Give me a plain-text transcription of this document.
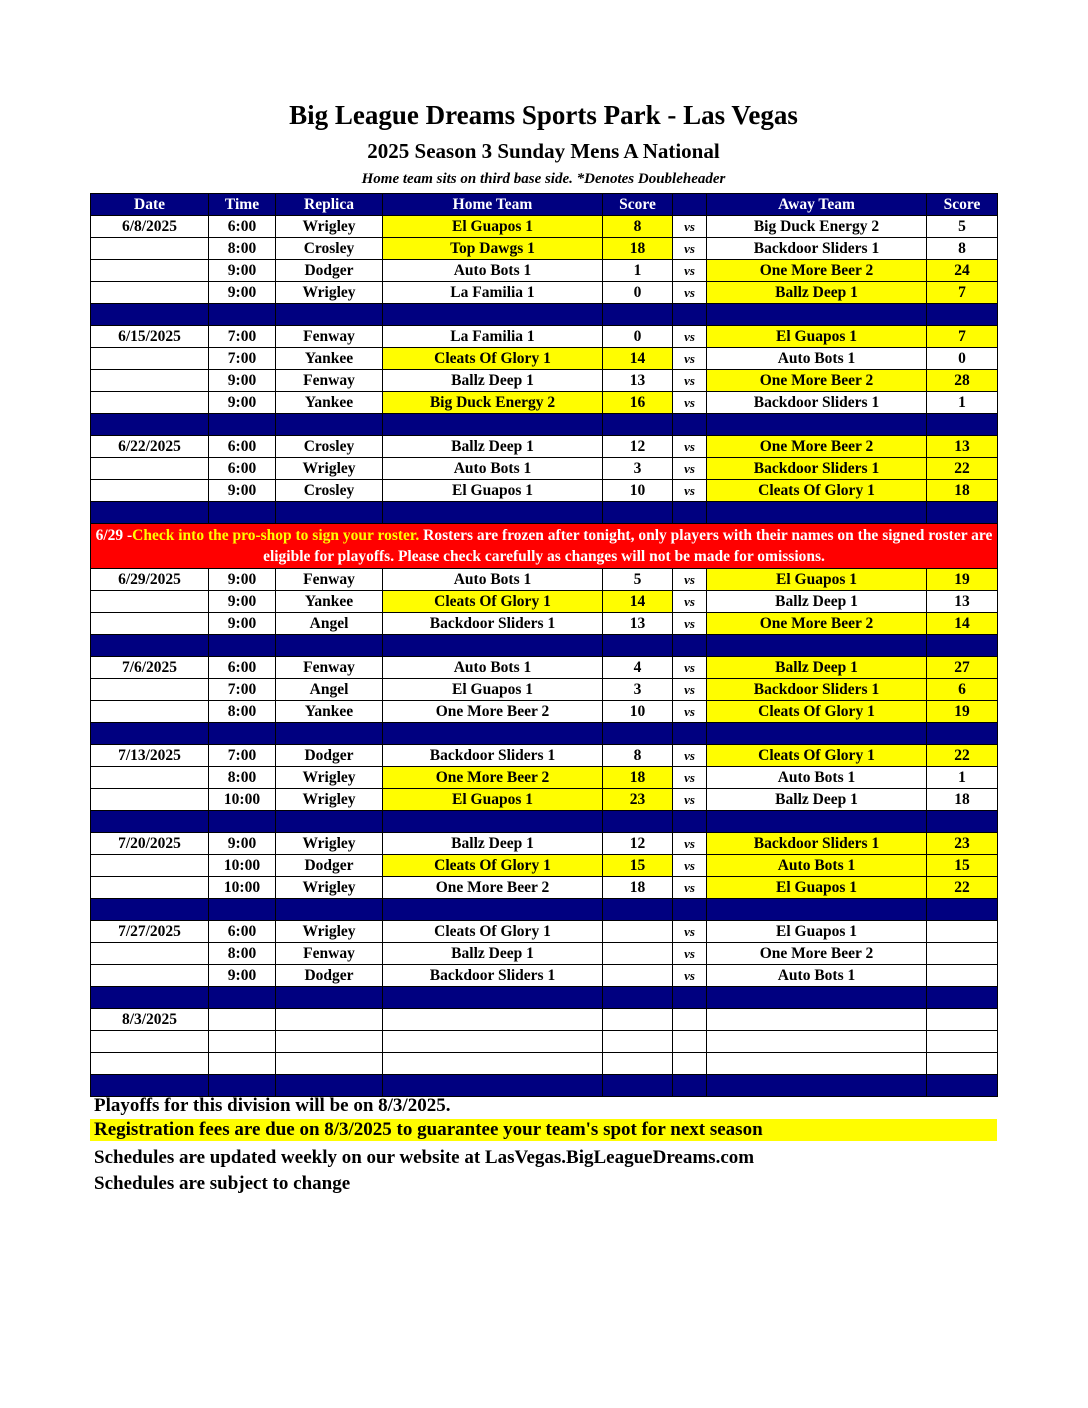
Big League Dreams Sports Park - Las Vegas
2025 Season 3 Sunday Mens A National
Home team sits on third base side. *Denotes Doubleheader
Date	Time	Replica	Home Team	Score		Away Team	Score
6/8/2025	6:00	Wrigley	El Guapos 1	8	vs	Big Duck Energy 2	5
	8:00	Crosley	Top Dawgs 1	18	vs	Backdoor Sliders 1	8
	9:00	Dodger	Auto Bots 1	1	vs	One More Beer 2	24
	9:00	Wrigley	La Familia 1	0	vs	Ballz Deep 1	7

6/15/2025	7:00	Fenway	La Familia 1	0	vs	El Guapos 1	7
	7:00	Yankee	Cleats Of Glory 1	14	vs	Auto Bots 1	0
	9:00	Fenway	Ballz Deep 1	13	vs	One More Beer 2	28
	9:00	Yankee	Big Duck Energy 2	16	vs	Backdoor Sliders 1	1

6/22/2025	6:00	Crosley	Ballz Deep 1	12	vs	One More Beer 2	13
	6:00	Wrigley	Auto Bots 1	3	vs	Backdoor Sliders 1	22
	9:00	Crosley	El Guapos 1	10	vs	Cleats Of Glory 1	18

6/29 -Check into the pro-shop to sign your roster. Rosters are frozen after tonight, only players with their names on the signed roster are eligible for playoffs. Please check carefully as changes will not be made for omissions.							
6/29/2025	9:00	Fenway	Auto Bots 1	5	vs	El Guapos 1	19
	9:00	Yankee	Cleats Of Glory 1	14	vs	Ballz Deep 1	13
	9:00	Angel	Backdoor Sliders 1	13	vs	One More Beer 2	14

7/6/2025	6:00	Fenway	Auto Bots 1	4	vs	Ballz Deep 1	27
	7:00	Angel	El Guapos 1	3	vs	Backdoor Sliders 1	6
	8:00	Yankee	One More Beer 2	10	vs	Cleats Of Glory 1	19

7/13/2025	7:00	Dodger	Backdoor Sliders 1	8	vs	Cleats Of Glory 1	22
	8:00	Wrigley	One More Beer 2	18	vs	Auto Bots 1	1
	10:00	Wrigley	El Guapos 1	23	vs	Ballz Deep 1	18

7/20/2025	9:00	Wrigley	Ballz Deep 1	12	vs	Backdoor Sliders 1	23
	10:00	Dodger	Cleats Of Glory 1	15	vs	Auto Bots 1	15
	10:00	Wrigley	One More Beer 2	18	vs	El Guapos 1	22

7/27/2025	6:00	Wrigley	Cleats Of Glory 1		vs	El Guapos 1	
	8:00	Fenway	Ballz Deep 1		vs	One More Beer 2	
	9:00	Dodger	Backdoor Sliders 1		vs	Auto Bots 1	

8/3/2025							

Playoffs for this division will be on 8/3/2025.
Registration fees are due on 8/3/2025 to guarantee your team's spot for next season
Schedules are updated weekly on our website at LasVegas.BigLeagueDreams.com
Schedules are subject to change
